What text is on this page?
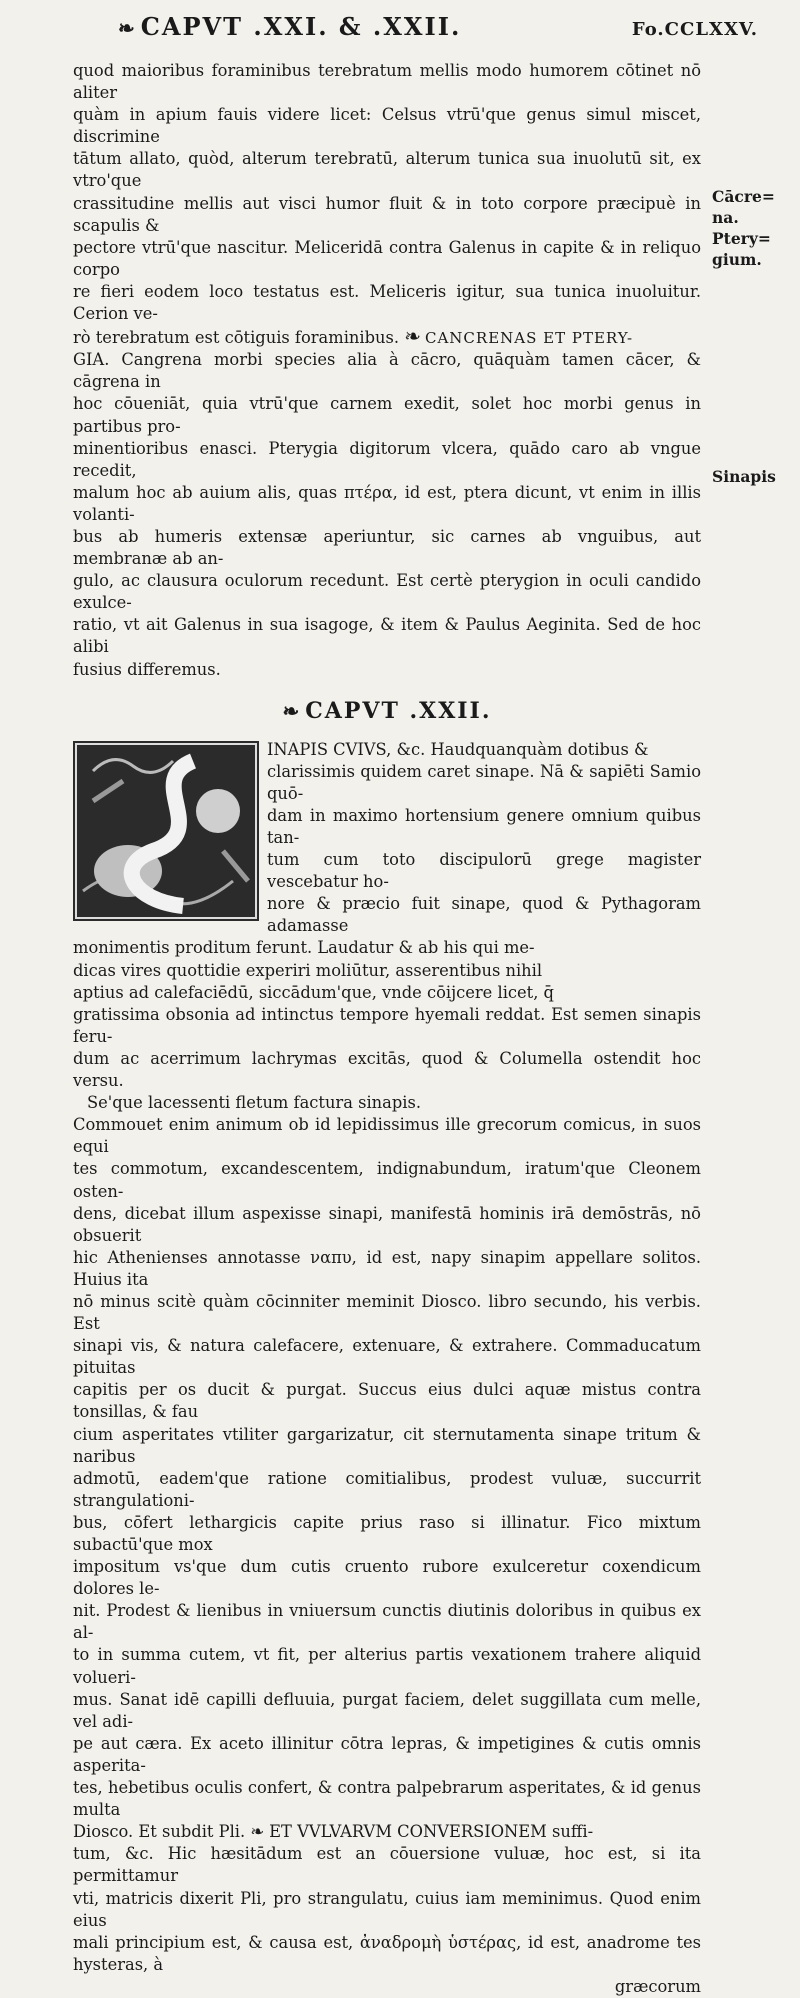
❧ CAPVT .XXI. & .XXII.	Fo.CCLXXV.

quod maioribus foraminibus terebratum mellis modo humorem cōtinet nō aliter

quàm in apium fauis videre licet: Celsus vtrū'que genus simul miscet, discrimine

tātum allato, quòd, alterum terebratū, alterum tunica sua inuolutū sit, ex vtro'que

crassitudine mellis aut visci humor fluit & in toto corpore præcipuè in scapulis &

pectore vtrū'que nascitur. Meliceridā contra Galenus in capite & in reliquo corpo

re fieri eodem loco testatus est. Meliceris igitur, sua tunica inuoluitur. Cerion ve-

rò terebratum est cōtiguis foraminibus. ❧ CANCRENAS ET PTERY-

GIA. Cangrena morbi species alia à cācro, quāquàm tamen cācer, & cāgrena in

hoc cōueniāt, quia vtrū'que carnem exedit, solet hoc morbi genus in partibus pro-

minentioribus enasci. Pterygia digitorum vlcera, quādo caro ab vngue recedit,

malum hoc ab auium alis, quas πτέρα, id est, ptera dicunt, vt enim in illis volanti-

bus ab humeris extensæ aperiuntur, sic carnes ab vnguibus, aut membranæ ab an-

gulo, ac clausura oculorum recedunt. Est certè pterygion in oculi candido exulce-

ratio, vt ait Galenus in sua isagoge, & item & Paulus Aeginita. Sed de hoc alibi

fusius differemus.

❧ CAPVT .XXII.

INAPIS CVIVS, &c. Haudquanquàm dotibus &

clarissimis quidem caret sinape. Nā & sapiēti Samio quō-

dam in maximo hortensium genere omnium quibus tan-

tum cum toto discipulorū grege magister vescebatur ho-

nore & præcio fuit sinape, quod & Pythagoram adamasse

monimentis proditum ferunt. Laudatur & ab his qui me-

dicas vires quottidie experiri moliūtur, asserentibus nihil

aptius ad calefaciēdū, siccādum'que, vnde cōijcere licet, q̄

gratissima obsonia ad intinctus tempore hyemali reddat. Est semen sinapis feru-

dum ac acerrimum lachrymas excitās, quod & Columella ostendit hoc versu.

Se'que lacessenti fletum factura sinapis.

Commouet enim animum ob id lepidissimus ille grecorum comicus, in suos equi

tes commotum, excandescentem, indignabundum, iratum'que Cleonem osten-

dens, dicebat illum aspexisse sinapi, manifestā hominis irā demōstrās, nō obsuerit

hic Athenienses annotasse ναπυ, id est, napy sinapim appellare solitos. Huius ita

nō minus scitè quàm cōcinniter meminit Diosco. libro secundo, his verbis. Est

sinapi vis, & natura calefacere, extenuare, & extrahere. Commaducatum pituitas

capitis per os ducit & purgat. Succus eius dulci aquæ mistus contra tonsillas, & fau

cium asperitates vtiliter gargarizatur, cit sternutamenta sinape tritum & naribus

admotū, eadem'que ratione comitialibus, prodest vuluæ, succurrit strangulationi-

bus, cōfert lethargicis capite prius raso si illinatur. Fico mixtum subactū'que mox

impositum vs'que dum cutis cruento rubore exulceretur coxendicum dolores le-

nit. Prodest & lienibus in vniuersum cunctis diutinis doloribus in quibus ex al-

to in summa cutem, vt fit, per alterius partis vexationem trahere aliquid volueri-

mus. Sanat idē capilli defluuia, purgat faciem, delet suggillata cum melle, vel adi-

pe aut cæra. Ex aceto illinitur cōtra lepras, & impetigines & cutis omnis asperita-

tes, hebetibus oculis confert, & contra palpebrarum asperitates, & id genus multa

Diosco. Et subdit Pli. ❧ ET VVLVARVM CONVERSIONEM suffi-

tum, &c. Hic hæsitādum est an cōuersione vuluæ, hoc est, si ita permittamur

vti, matricis dixerit Pli, pro strangulatu, cuius iam meminimus. Quod enim eius

mali principium est, & causa est, ἀναδρομὴ ὑστέρας, id est, anadrome tes hysteras, à

græcorum

Cācre=
na.
Ptery=
gium.
Sinapis
